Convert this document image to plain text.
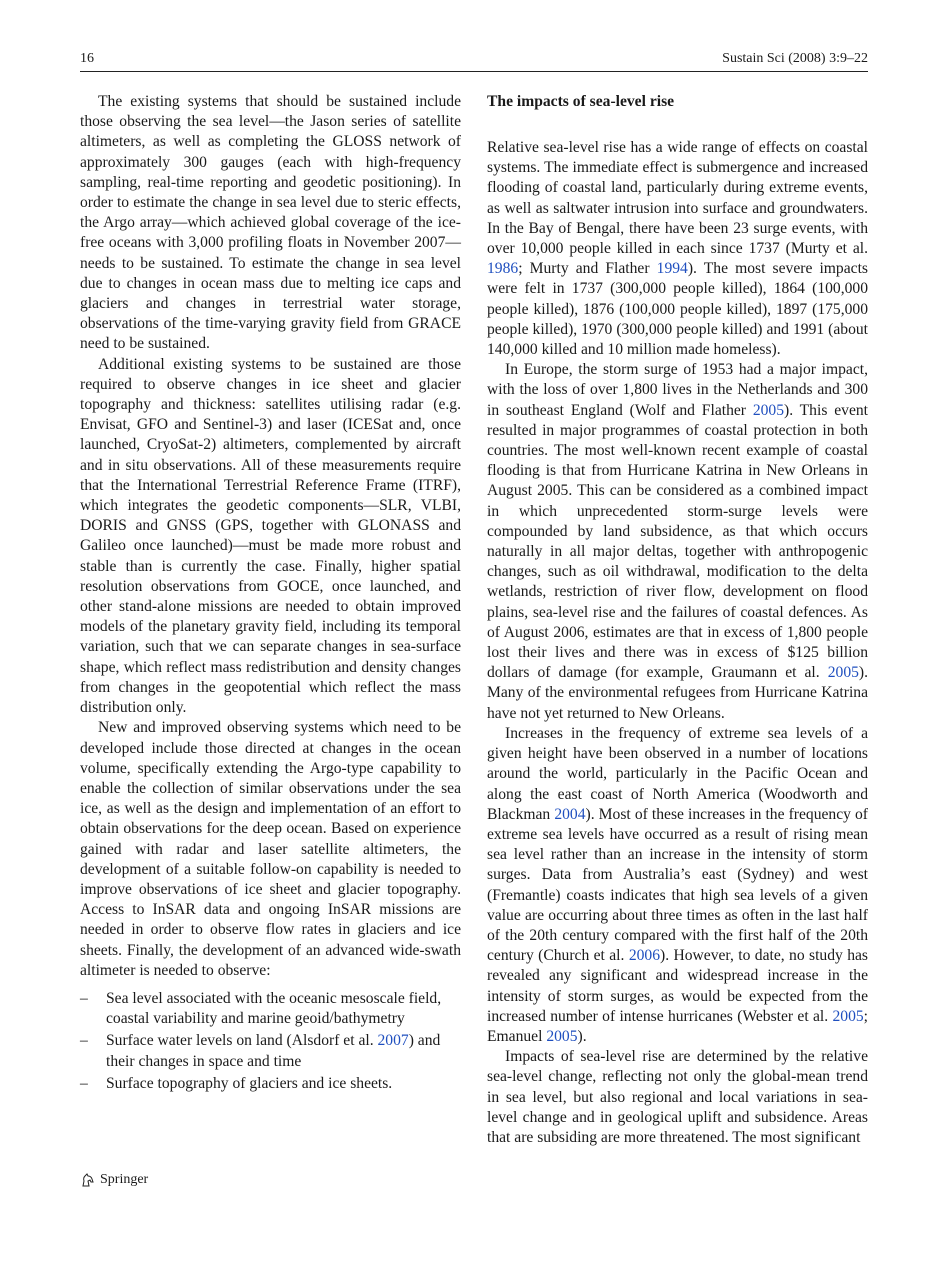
16	Sustain Sci (2008) 3:9–22

The existing systems that should be sustained include those observing the sea level—the Jason series of satellite altimeters, as well as completing the GLOSS network of approximately 300 gauges (each with high-frequency sampling, real-time reporting and geodetic positioning). In order to estimate the change in sea level due to steric effects, the Argo array—which achieved global coverage of the ice-free oceans with 3,000 profiling floats in November 2007—needs to be sustained. To estimate the change in sea level due to changes in ocean mass due to melting ice caps and glaciers and changes in terrestrial water storage, observations of the time-varying gravity field from GRACE need to be sustained.

Additional existing systems to be sustained are those required to observe changes in ice sheet and glacier topography and thickness: satellites utilising radar (e.g. Envisat, GFO and Sentinel-3) and laser (ICESat and, once launched, CryoSat-2) altimeters, complemented by aircraft and in situ observations. All of these measurements require that the International Terrestrial Reference Frame (ITRF), which integrates the geodetic components—SLR, VLBI, DORIS and GNSS (GPS, together with GLONASS and Galileo once launched)—must be made more robust and stable than is currently the case. Finally, higher spatial resolution observations from GOCE, once launched, and other stand-alone missions are needed to obtain improved models of the planetary gravity field, including its temporal variation, such that we can separate changes in sea-surface shape, which reflect mass redistribution and density changes from changes in the geopotential which reflect the mass distribution only.

New and improved observing systems which need to be developed include those directed at changes in the ocean volume, specifically extending the Argo-type capability to enable the collection of similar observations under the sea ice, as well as the design and implementation of an effort to obtain observations for the deep ocean. Based on experience gained with radar and laser satellite altimeters, the development of a suitable follow-on capability is needed to improve observations of ice sheet and glacier topography. Access to InSAR data and ongoing InSAR missions are needed in order to observe flow rates in glaciers and ice sheets. Finally, the development of an advanced wide-swath altimeter is needed to observe:

– Sea level associated with the oceanic mesoscale field, coastal variability and marine geoid/bathymetry
– Surface water levels on land (Alsdorf et al. 2007) and their changes in space and time
– Surface topography of glaciers and ice sheets.
The impacts of sea-level rise

Relative sea-level rise has a wide range of effects on coastal systems. The immediate effect is submergence and increased flooding of coastal land, particularly during extreme events, as well as saltwater intrusion into surface and groundwaters. In the Bay of Bengal, there have been 23 surge events, with over 10,000 people killed in each since 1737 (Murty et al. 1986; Murty and Flather 1994). The most severe impacts were felt in 1737 (300,000 people killed), 1864 (100,000 people killed), 1876 (100,000 people killed), 1897 (175,000 people killed), 1970 (300,000 people killed) and 1991 (about 140,000 killed and 10 million made homeless).

In Europe, the storm surge of 1953 had a major impact, with the loss of over 1,800 lives in the Netherlands and 300 in southeast England (Wolf and Flather 2005). This event resulted in major programmes of coastal protection in both countries. The most well-known recent example of coastal flooding is that from Hurricane Katrina in New Orleans in August 2005. This can be considered as a combined impact in which unprecedented storm-surge levels were compounded by land subsidence, as that which occurs naturally in all major deltas, together with anthropogenic changes, such as oil withdrawal, modification to the delta wetlands, restriction of river flow, development on flood plains, sea-level rise and the failures of coastal defences. As of August 2006, estimates are that in excess of 1,800 people lost their lives and there was in excess of $125 billion dollars of damage (for example, Graumann et al. 2005). Many of the environmental refugees from Hurricane Katrina have not yet returned to New Orleans.

Increases in the frequency of extreme sea levels of a given height have been observed in a number of locations around the world, particularly in the Pacific Ocean and along the east coast of North America (Woodworth and Blackman 2004). Most of these increases in the frequency of extreme sea levels have occurred as a result of rising mean sea level rather than an increase in the intensity of storm surges. Data from Australia’s east (Sydney) and west (Fremantle) coasts indicates that high sea levels of a given value are occurring about three times as often in the last half of the 20th century compared with the first half of the 20th century (Church et al. 2006). However, to date, no study has revealed any significant and widespread increase in the intensity of storm surges, as would be expected from the increased number of intense hurricanes (Webster et al. 2005; Emanuel 2005).

Impacts of sea-level rise are determined by the relative sea-level change, reflecting not only the global-mean trend in sea level, but also regional and local variations in sea-level change and in geological uplift and subsidence. Areas that are subsiding are more threatened. The most significant

Springer
